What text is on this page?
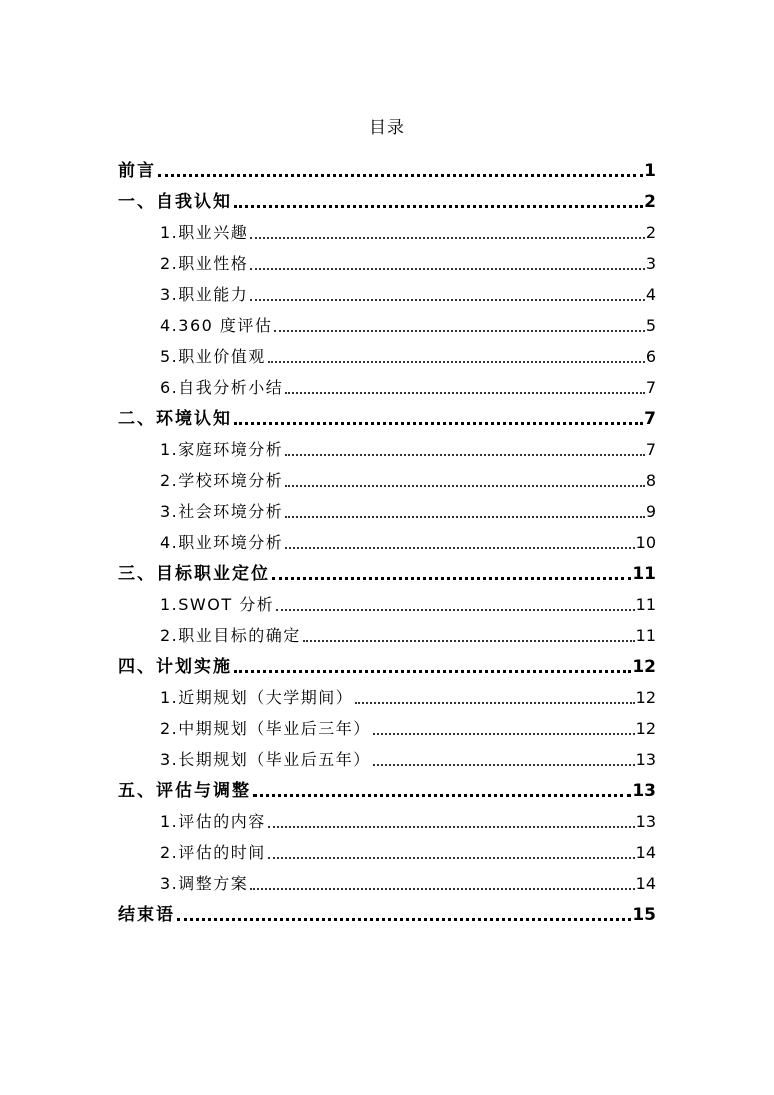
目录
前言	1
一、自我认知	2
1.职业兴趣	2
2.职业性格	3
3.职业能力	4
4.360 度评估	5
5.职业价值观	6
6.自我分析小结	7
二、环境认知	7
1.家庭环境分析	7
2.学校环境分析	8
3.社会环境分析	9
4.职业环境分析	10
三、目标职业定位	11
1.SWOT 分析	11
2.职业目标的确定	11
四、计划实施	12
1.近期规划（大学期间）	12
2.中期规划（毕业后三年）	12
3.长期规划（毕业后五年）	13
五、评估与调整	13
1.评估的内容	13
2.评估的时间	14
3.调整方案	14
结束语	15
